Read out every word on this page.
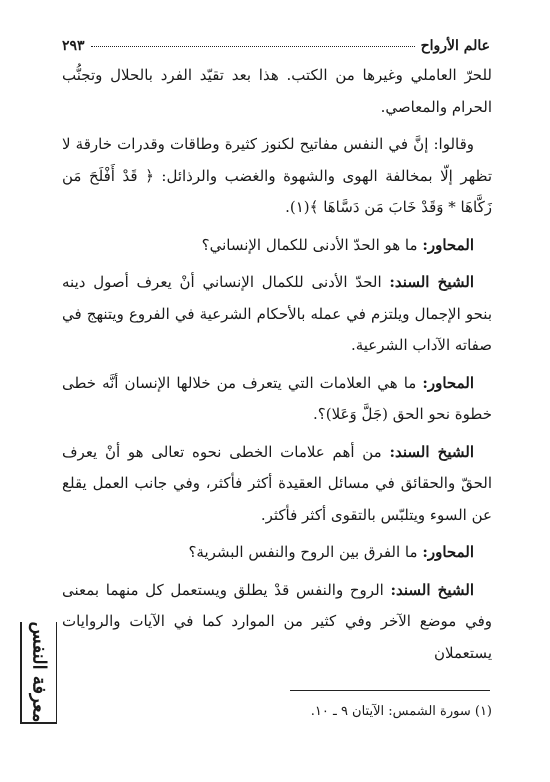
عالم الأرواح
٢٩٣

للحرّ العاملي وغيرها من الكتب. هذا بعد تقيّد الفرد بالحلال وتجنُّب الحرام والمعاصي.

وقالوا: إنَّ في النفس مفاتيح لكنوز كثيرة وطاقات وقدرات خارقة لا تظهر إلّا بمخالفة الهوى والشهوة والغضب والرذائل: ﴿ قَدْ أَفْلَحَ مَن زَكَّاهَا * وَقَدْ خَابَ مَن دَسَّاهَا ﴾(١).

المحاور: ما هو الحدّ الأدنى للكمال الإنساني؟

الشيخ السند: الحدّ الأدنى للكمال الإنساني أنْ يعرف أصول دينه بنحو الإجمال ويلتزم في عمله بالأحكام الشرعية في الفروع ويتنهج في صفاته الآداب الشرعية.

المحاور: ما هي العلامات التي يتعرف من خلالها الإنسان أنَّه خطى خطوة نحو الحق (جَلَّ وَعَلا)؟.

الشيخ السند: من أهم علامات الخطى نحوه تعالى هو أنْ يعرف الحقّ والحقائق في مسائل العقيدة أكثر فأكثر، وفي جانب العمل يقلع عن السوء ويتلبّس بالتقوى أكثر فأكثر.

المحاور: ما الفرق بين الروح والنفس البشرية؟

الشيخ السند: الروح والنفس قدْ يطلق ويستعمل كل منهما بمعنى وفي موضع الآخر وفي كثير من الموارد كما في الآيات والروايات يستعملان

معرفة النفس	(١) سورة الشمس: الآيتان ٩ ـ ١٠.
